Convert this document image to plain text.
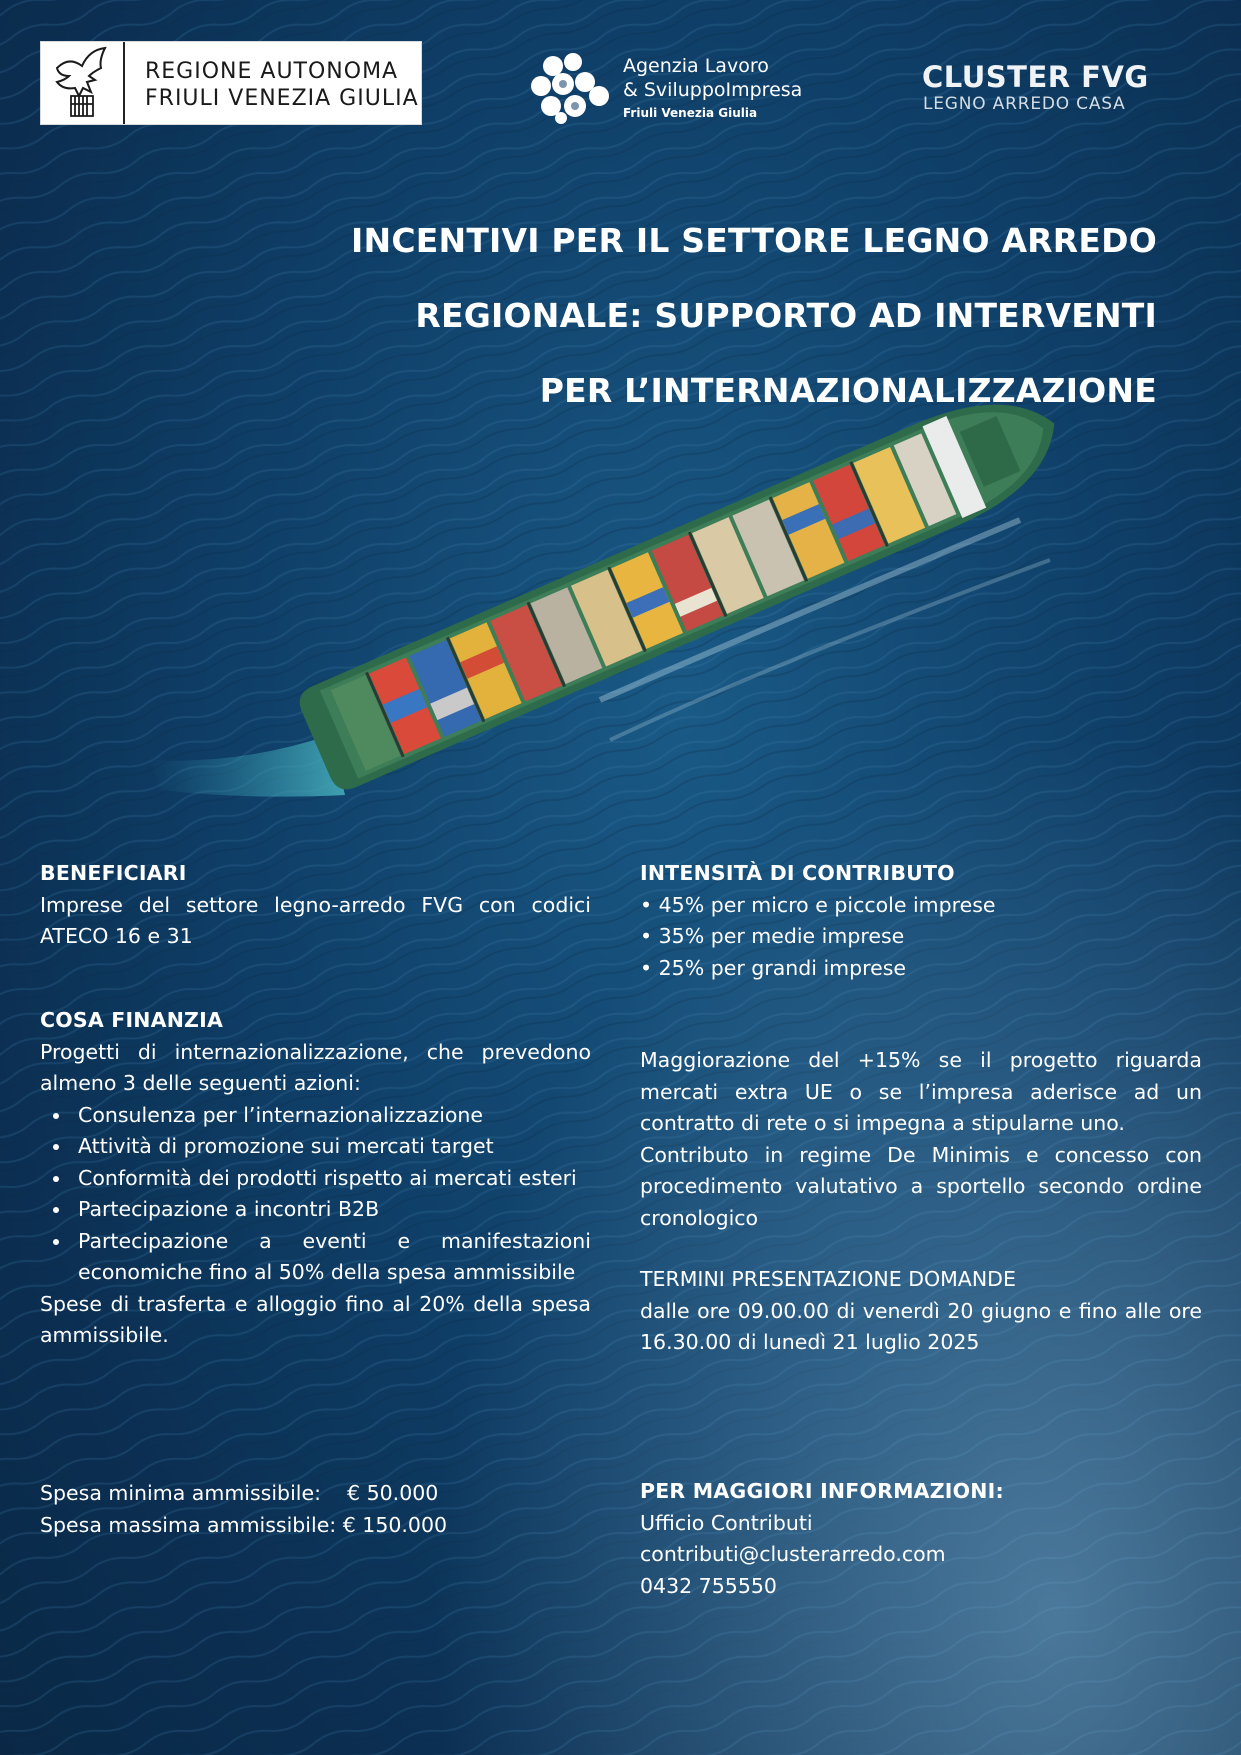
REGIONE AUTONOMA
FRIULI VENEZIA GIULIA
Agenzia Lavoro
& SviluppoImpresa
Friuli Venezia Giulia
CLUSTER FVG
LEGNO ARREDO CASA
INCENTIVI PER IL SETTORE LEGNO ARREDO
REGIONALE: SUPPORTO AD INTERVENTI
PER L’INTERNAZIONALIZZAZIONE
BENEFICIARI
Imprese del settore legno-arredo FVG con codici ATECO 16 e 31
COSA FINANZIA
Progetti di internazionalizzazione, che prevedono almeno 3 delle seguenti azioni:
Consulenza per l’internazionalizzazione
Attività di promozione sui mercati target
Conformità dei prodotti rispetto ai mercati esteri
Partecipazione a incontri B2B
Partecipazione a eventi e manifestazioni economiche fino al 50% della spesa ammissibile
Spese di trasferta e alloggio fino al 20% della spesa ammissibile.
Spesa minima ammissibile:    € 50.000
Spesa massima ammissibile: € 150.000
INTENSITÀ DI CONTRIBUTO
• 45% per micro e piccole imprese
• 35% per medie imprese
• 25% per grandi imprese
Maggiorazione del +15% se il progetto riguarda mercati extra UE o se l’impresa aderisce ad un contratto di rete o si impegna a stipularne uno.
Contributo in regime De Minimis e concesso con procedimento valutativo a sportello secondo ordine cronologico
TERMINI PRESENTAZIONE DOMANDE
dalle ore 09.00.00 di venerdì 20 giugno e fino alle ore 16.30.00 di lunedì 21 luglio 2025
PER MAGGIORI INFORMAZIONI:
Ufficio Contributi
contributi@clusterarredo.com
0432 755550
